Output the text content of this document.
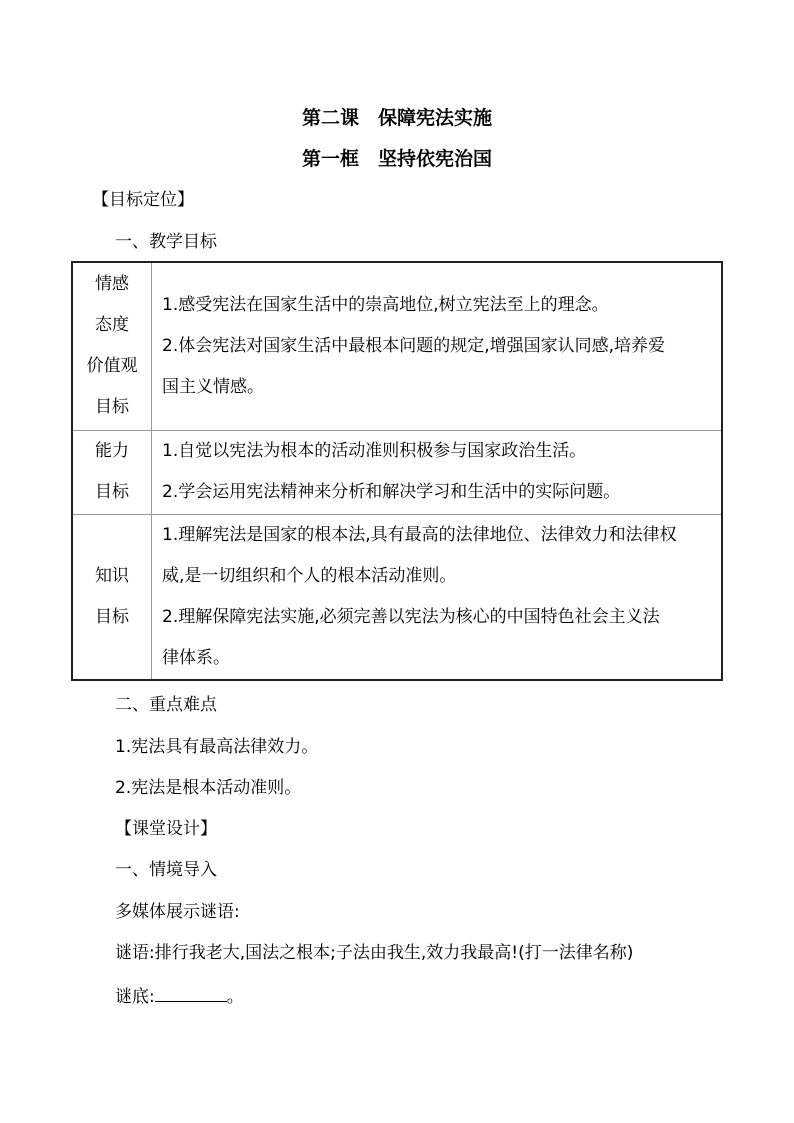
第二课　保障宪法实施
第一框　坚持依宪治国
【目标定位】
一、教学目标
情感
态度
价值观
目标	1.感受宪法在国家生活中的崇高地位,树立宪法至上的理念。
2.体会宪法对国家生活中最根本问题的规定,增强国家认同感,培养爱
国主义情感。

能力
目标	1.自觉以宪法为根本的活动准则积极参与国家政治生活。
2.学会运用宪法精神来分析和解决学习和生活中的实际问题。

知识
目标	1.理解宪法是国家的根本法,具有最高的法律地位、法律效力和法律权
威,是一切组织和个人的根本活动准则。
2.理解保障宪法实施,必须完善以宪法为核心的中国特色社会主义法
律体系。
二、重点难点
1.宪法具有最高法律效力。
2.宪法是根本活动准则。
【课堂设计】
一、情境导入
多媒体展示谜语:
谜语:排行我老大,国法之根本;子法由我生,效力我最高!(打一法律名称)
谜底:	。
